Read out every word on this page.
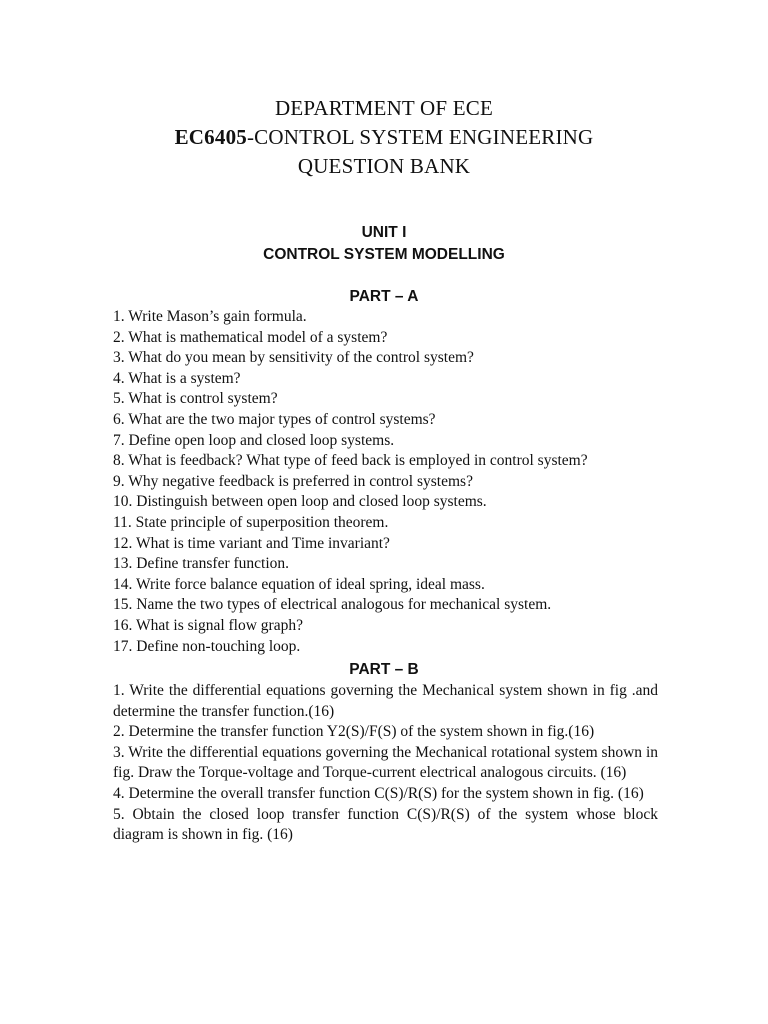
DEPARTMENT OF ECE
EC6405-CONTROL SYSTEM ENGINEERING
QUESTION BANK
UNIT I
CONTROL SYSTEM MODELLING
PART – A
1. Write Mason’s gain formula.
2. What is mathematical model of a system?
3. What do you mean by sensitivity of the control system?
4. What is a system?
5. What is control system?
6. What are the two major types of control systems?
7. Define open loop and closed loop systems.
8. What is feedback? What type of feed back is employed in control system?
9. Why negative feedback is preferred in control systems?
10. Distinguish between open loop and closed loop systems.
11. State principle of superposition theorem.
12. What is time variant and Time invariant?
13. Define transfer function.
14. Write force balance equation of ideal spring, ideal mass.
15. Name the two types of electrical analogous for mechanical system.
16. What is signal flow graph?
17. Define non-touching loop.
PART – B
1. Write the differential equations governing the Mechanical system shown in fig .and determine the transfer function.(16)
2. Determine the transfer function Y2(S)/F(S) of the system shown in fig.(16)
3. Write the differential equations governing the Mechanical rotational system shown in fig. Draw the Torque-voltage and Torque-current electrical analogous circuits. (16)
4. Determine the overall transfer function C(S)/R(S) for the system shown in fig. (16)
5. Obtain the closed loop transfer function C(S)/R(S) of the system whose block diagram is shown in fig. (16)
